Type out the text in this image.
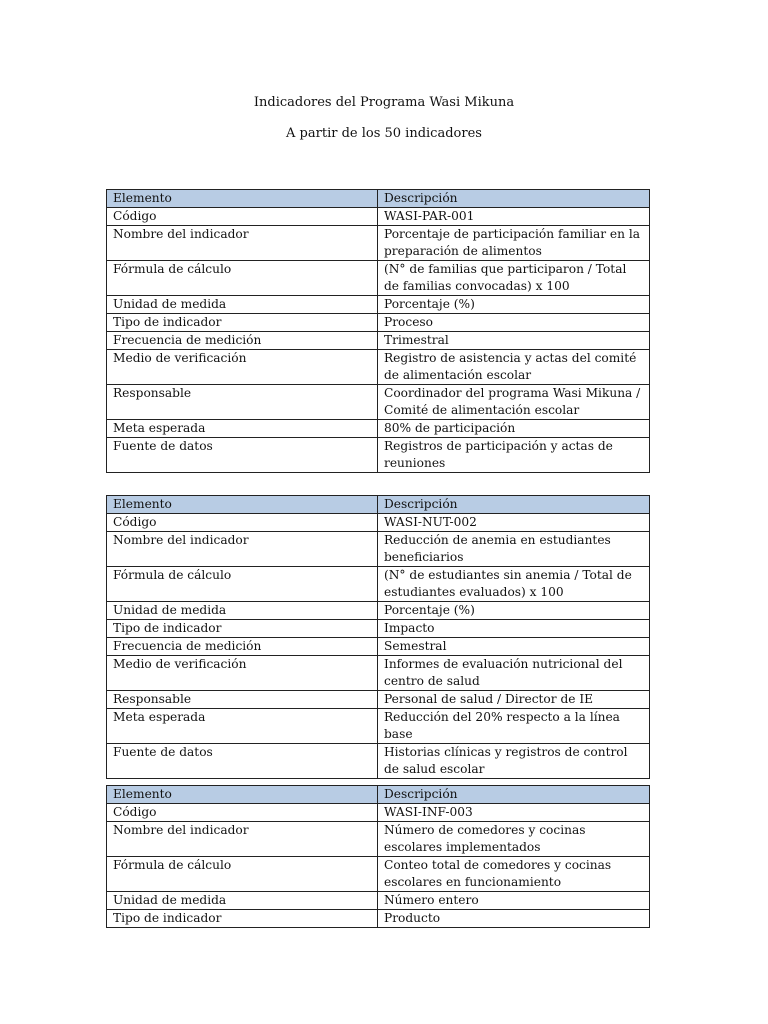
Indicadores del Programa Wasi Mikuna
A partir de los 50 indicadores
Elemento	Descripción
Código	WASI-PAR-001
Nombre del indicador	Porcentaje de participación familiar en la preparación de alimentos
Fórmula de cálculo	(N° de familias que participaron / Total de familias convocadas) x 100
Unidad de medida	Porcentaje (%)
Tipo de indicador	Proceso
Frecuencia de medición	Trimestral
Medio de verificación	Registro de asistencia y actas del comité de alimentación escolar
Responsable	Coordinador del programa Wasi Mikuna / Comité de alimentación escolar
Meta esperada	80% de participación
Fuente de datos	Registros de participación y actas de reuniones
Elemento	Descripción
Código	WASI-NUT-002
Nombre del indicador	Reducción de anemia en estudiantes beneficiarios
Fórmula de cálculo	(N° de estudiantes sin anemia / Total de estudiantes evaluados) x 100
Unidad de medida	Porcentaje (%)
Tipo de indicador	Impacto
Frecuencia de medición	Semestral
Medio de verificación	Informes de evaluación nutricional del centro de salud
Responsable	Personal de salud / Director de IE
Meta esperada	Reducción del 20% respecto a la línea base
Fuente de datos	Historias clínicas y registros de control de salud escolar
Elemento	Descripción
Código	WASI-INF-003
Nombre del indicador	Número de comedores y cocinas escolares implementados
Fórmula de cálculo	Conteo total de comedores y cocinas escolares en funcionamiento
Unidad de medida	Número entero
Tipo de indicador	Producto
